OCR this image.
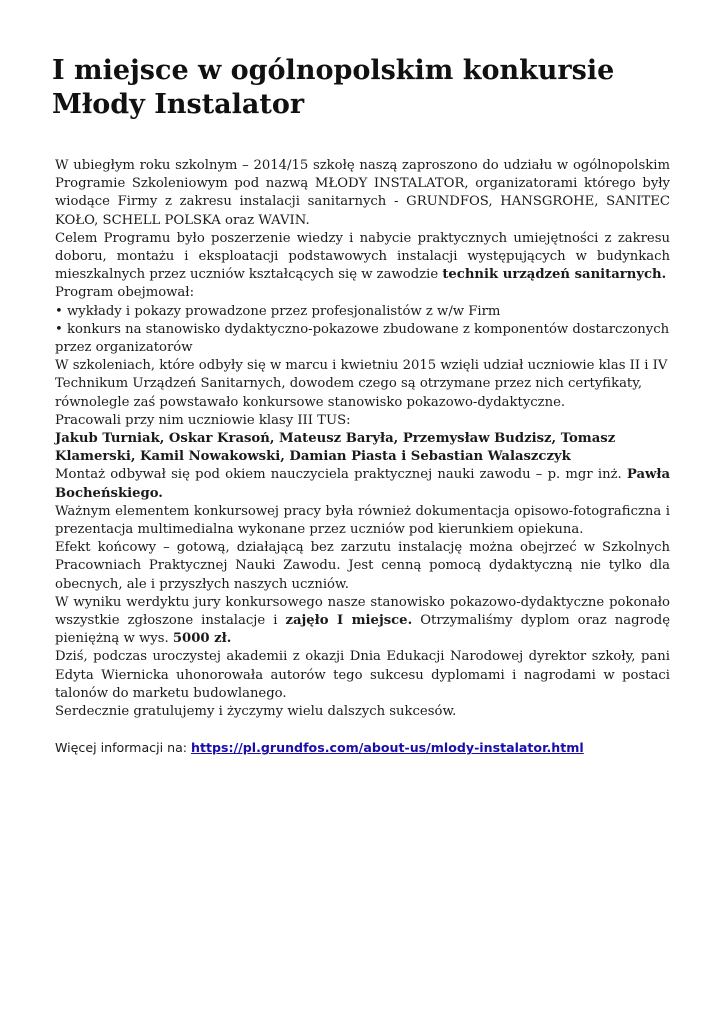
I miejsce w ogólnopolskim konkursie Młody Instalator

W ubiegłym roku szkolnym – 2014/15 szkołę naszą zaproszono do udziału w ogólnopolskim Programie Szkoleniowym pod nazwą MŁODY INSTALATOR, organizatorami którego były wiodące Firmy z zakresu instalacji sanitarnych - GRUNDFOS, HANSGROHE, SANITEC KOŁO, SCHELL POLSKA oraz WAVIN.

Celem Programu było poszerzenie wiedzy i nabycie praktycznych umiejętności z zakresu doboru, montażu i eksploatacji podstawowych instalacji występujących w budynkach mieszkalnych przez uczniów kształcących się w zawodzie technik urządzeń sanitarnych.

Program obejmował:

• wykłady i pokazy prowadzone przez profesjonalistów z w/w Firm

• konkurs na stanowisko dydaktyczno-pokazowe zbudowane z komponentów dostarczonych przez organizatorów

W szkoleniach, które odbyły się w marcu i kwietniu 2015 wzięli udział uczniowie klas II i IV Technikum Urządzeń Sanitarnych, dowodem czego są otrzymane przez nich certyfikaty, równolegle zaś powstawało konkursowe stanowisko pokazowo-dydaktyczne.

Pracowali przy nim uczniowie klasy III TUS:

Jakub Turniak, Oskar Krasoń, Mateusz Baryła, Przemysław Budzisz, Tomasz Klamerski, Kamil Nowakowski, Damian Piasta i Sebastian Walaszczyk

Montaż odbywał się pod okiem nauczyciela praktycznej nauki zawodu – p. mgr inż. Pawła Bocheńskiego.

Ważnym elementem konkursowej pracy była również dokumentacja opisowo-fotograficzna i prezentacja multimedialna wykonane przez uczniów pod kierunkiem opiekuna.

Efekt końcowy – gotową, działającą bez zarzutu instalację można obejrzeć w Szkolnych Pracowniach Praktycznej Nauki Zawodu. Jest cenną pomocą dydaktyczną nie tylko dla obecnych, ale i przyszłych naszych uczniów.

W wyniku werdyktu jury konkursowego nasze stanowisko pokazowo-dydaktyczne pokonało wszystkie zgłoszone instalacje i zajęło I miejsce. Otrzymaliśmy dyplom oraz nagrodę pieniężną w wys. 5000 zł.

Dziś, podczas uroczystej akademii z okazji Dnia Edukacji Narodowej dyrektor szkoły, pani Edyta Wiernicka uhonorowała autorów tego sukcesu dyplomami i nagrodami w postaci talonów do marketu budowlanego.

Serdecznie gratulujemy i życzymy wielu dalszych sukcesów.

Więcej informacji na: https://pl.grundfos.com/about-us/mlody-instalator.html
